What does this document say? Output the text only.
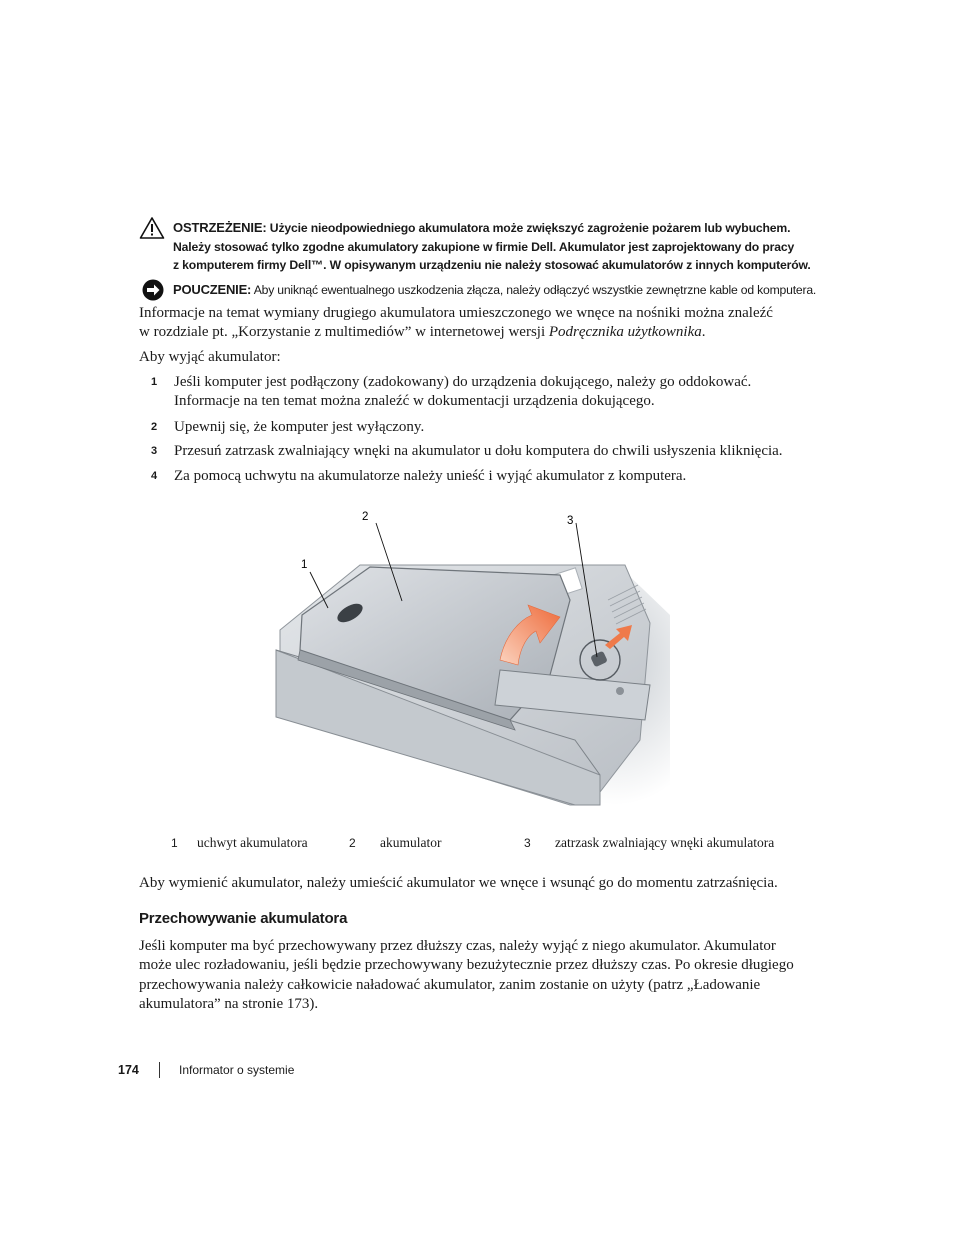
OSTRZEŻENIE: Użycie nieodpowiedniego akumulatora może zwiększyć zagrożenie pożarem lub wybuchem.
Należy stosować tylko zgodne akumulatory zakupione w firmie Dell. Akumulator jest zaprojektowany do pracy
z komputerem firmy Dell™. W opisywanym urządzeniu nie należy stosować akumulatorów z innych komputerów.
POUCZENIE: Aby uniknąć ewentualnego uszkodzenia złącza, należy odłączyć wszystkie zewnętrzne kable od komputera.
Informacje na temat wymiany drugiego akumulatora umieszczonego we wnęce na nośniki można znaleźć
w rozdziale pt. „Korzystanie z multimediów” w internetowej wersji Podręcznika użytkownika.
Aby wyjąć akumulator:
1 Jeśli komputer jest podłączony (zadokowany) do urządzenia dokującego, należy go oddokować.
Informacje na ten temat można znaleźć w dokumentacji urządzenia dokującego.
2 Upewnij się, że komputer jest wyłączony.
3 Przesuń zatrzask zwalniający wnęki na akumulator u dołu komputera do chwili usłyszenia kliknięcia.
4 Za pomocą uchwytu na akumulatorze należy unieść i wyjąć akumulator z komputera.
1
2	3
1 uchwyt akumulatora	2 akumulator	3 zatrzask zwalniający wnęki akumulatora
Aby wymienić akumulator, należy umieścić akumulator we wnęce i wsunąć go do momentu zatrzaśnięcia.
Przechowywanie akumulatora
Jeśli komputer ma być przechowywany przez dłuższy czas, należy wyjąć z niego akumulator. Akumulator
może ulec rozładowaniu, jeśli będzie przechowywany bezużytecznie przez dłuższy czas. Po okresie długiego
przechowywania należy całkowicie naładować akumulator, zanim zostanie on użyty (patrz „Ładowanie
akumulatora” na stronie 173).
174	Informator o systemie
